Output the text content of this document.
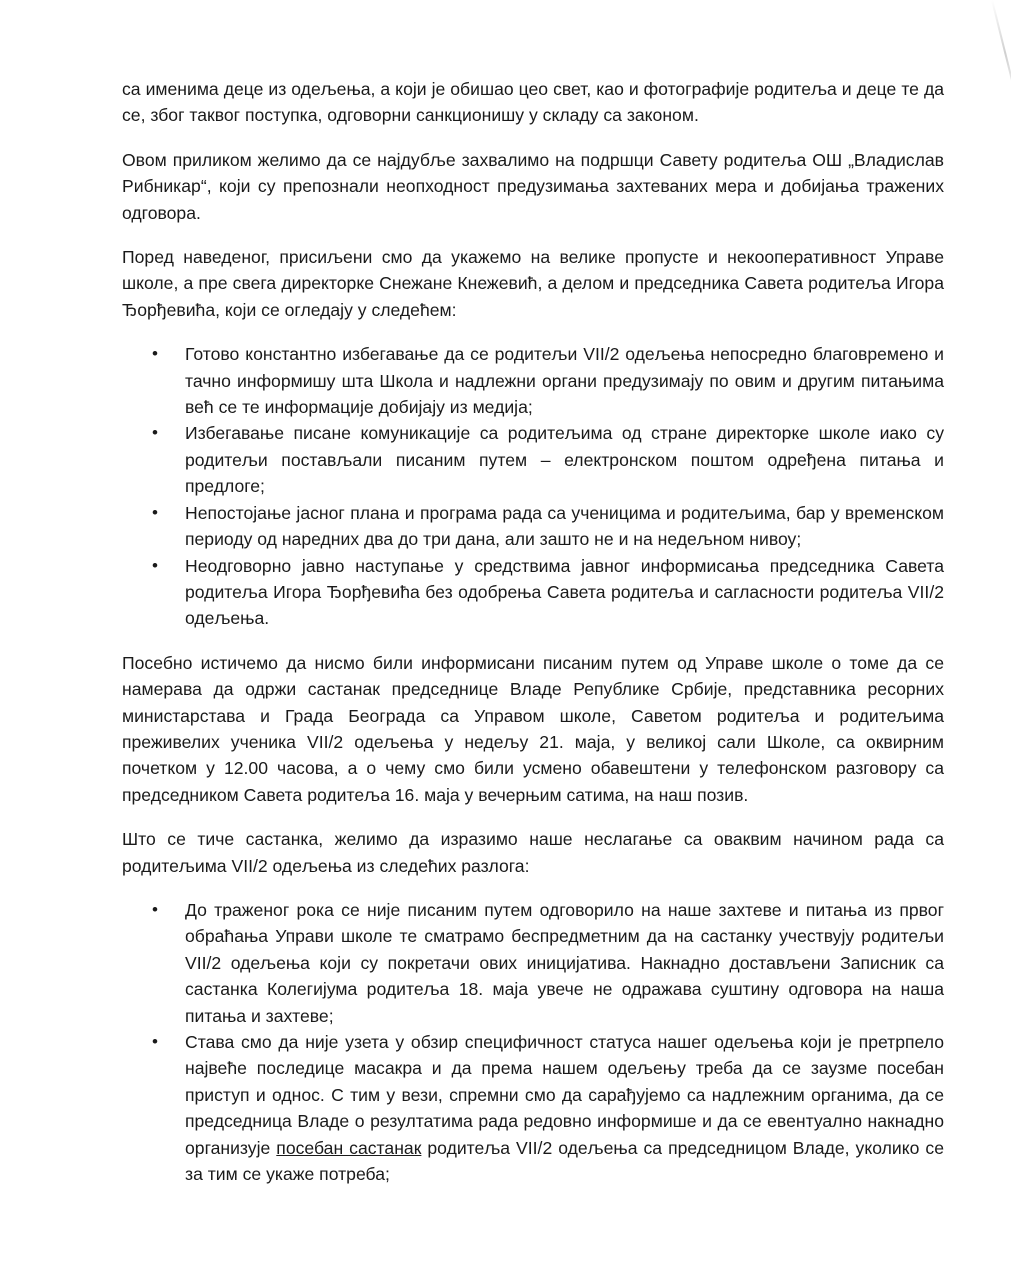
са именима деце из одељења, а који је обишао цео свет, као и фотографије родитеља и деце те да се, због таквог поступка, одговорни санкционишу у складу са законом.

Овом приликом желимо да се најдубље захвалимо на подршци Савету родитеља ОШ „Владислав Рибникар“, који су препознали неопходност предузимања захтеваних мера и добијања тражених одговора.

Поред наведеног, присиљени смо да укажемо на велике пропусте и некооперативност Управе школе, а пре свега директорке Снежане Кнежевић, а делом и председника Савета родитеља Игора Ђорђевића, који се огледају у следећем:

• Готово константно избегавање да се родитељи VII/2 одељења непосредно благовремено и тачно информишу шта Школа и надлежни органи предузимају по овим и другим питањима већ се те информације добијају из медија;
• Избегавање писане комуникације са родитељима од стране директорке школе иако су родитељи постављали писаним путем – електронском поштом одређена питања и предлоге;
• Непостојање јасног плана и програма рада са ученицима и родитељима, бар у временском периоду од наредних два до три дана, али зашто не и на недељном нивоу;
• Неодговорно јавно наступање у средствима јавног информисања председника Савета родитеља Игора Ђорђевића без одобрења Савета родитеља и сагласности родитеља VII/2 одељења.

Посебно истичемо да нисмо били информисани писаним путем од Управе школе о томе да се намерава да одржи састанак председнице Владе Републике Србије, представника ресорних министарстава и Града Београда са Управом школе, Саветом родитеља и родитељима преживелих ученика VII/2 одељења у недељу 21. маја, у великој сали Школе, са оквирним почетком у 12.00 часова, а о чему смо били усмено обавештени у телефонском разговору са председником Савета родитеља 16. маја у вечерњим сатима, на наш позив.

Што се тиче састанка, желимо да изразимо наше неслагање са оваквим начином рада са родитељима VII/2 одељења из следећих разлога:

• До траженог рока се није писаним путем одговорило на наше захтеве и питања из првог обраћања Управи школе те сматрамо беспредметним да на састанку учествују родитељи VII/2 одељења који су покретачи ових иницијатива. Накнадно достављени Записник са састанка Колегијума родитеља 18. маја увече не одражава суштину одговора на наша питања и захтеве;
• Става смо да није узета у обзир специфичност статуса нашег одељења који је претрпело највеће последице масакра и да према нашем одељењу треба да се заузме посебан приступ и однос. С тим у вези, спремни смо да сарађујемо са надлежним органима, да се председница Владе о резултатима рада редовно информише и да се евентуално накнадно организује посебан састанак родитеља VII/2 одељења са председницом Владе, уколико се за тим се укаже потреба;
